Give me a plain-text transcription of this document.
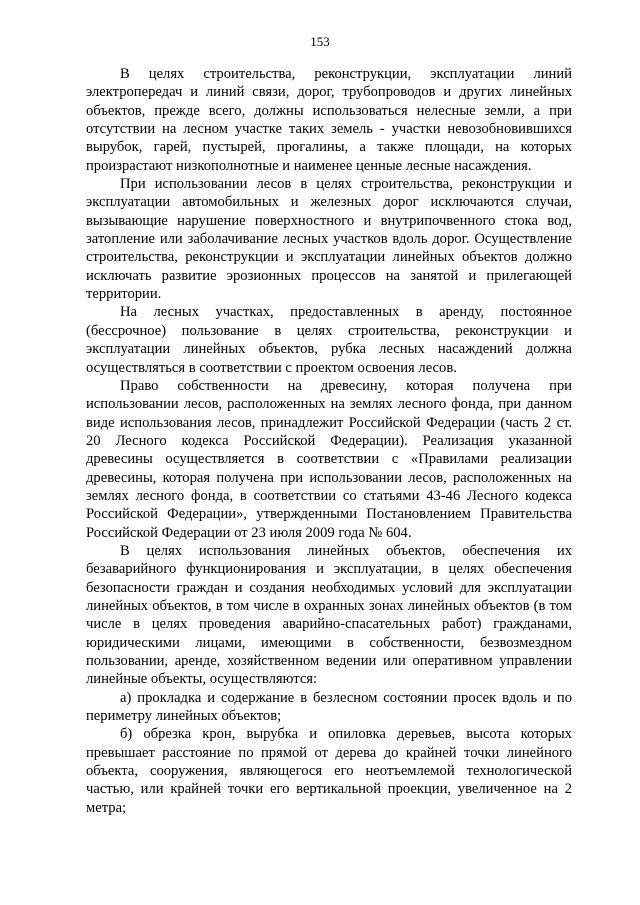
153

В целях строительства, реконструкции, эксплуатации линий электропередач и линий связи, дорог, трубопроводов и других линейных объектов, прежде всего, должны использоваться нелесные земли, а при отсутствии на лесном участке таких земель - участки невозобновившихся вырубок, гарей, пустырей, прогалины, а также площади, на которых произрастают низкополнотные и наименее ценные лесные насаждения.

При использовании лесов в целях строительства, реконструкции и эксплуатации автомобильных и железных дорог исключаются случаи, вызывающие нарушение поверхностного и внутрипочвенного стока вод, затопление или заболачивание лесных участков вдоль дорог. Осуществление строительства, реконструкции и эксплуатации линейных объектов должно исключать развитие эрозионных процессов на занятой и прилегающей территории.

На лесных участках, предоставленных в аренду, постоянное (бессрочное) пользование в целях строительства, реконструкции и эксплуатации линейных объектов, рубка лесных насаждений должна осуществляться в соответствии с проектом освоения лесов.

Право собственности на древесину, которая получена при использовании лесов, расположенных на землях лесного фонда, при данном виде использования лесов, принадлежит Российской Федерации (часть 2 ст. 20 Лесного кодекса Российской Федерации). Реализация указанной древесины осуществляется в соответствии с «Правилами реализации древесины, которая получена при использовании лесов, расположенных на землях лесного фонда, в соответствии со статьями 43-46 Лесного кодекса Российской Федерации», утвержденными Постановлением Правительства Российской Федерации от 23 июля 2009 года № 604.

В целях использования линейных объектов, обеспечения их безаварийного функционирования и эксплуатации, в целях обеспечения безопасности граждан и создания необходимых условий для эксплуатации линейных объектов, в том числе в охранных зонах линейных объектов (в том числе в целях проведения аварийно-спасательных работ) гражданами, юридическими лицами, имеющими в собственности, безвозмездном пользовании, аренде, хозяйственном ведении или оперативном управлении линейные объекты, осуществляются:

а) прокладка и содержание в безлесном состоянии просек вдоль и по периметру линейных объектов;

б) обрезка крон, вырубка и опиловка деревьев, высота которых превышает расстояние по прямой от дерева до крайней точки линейного объекта, сооружения, являющегося его неотъемлемой технологической частью, или крайней точки его вертикальной проекции, увеличенное на 2 метра;
